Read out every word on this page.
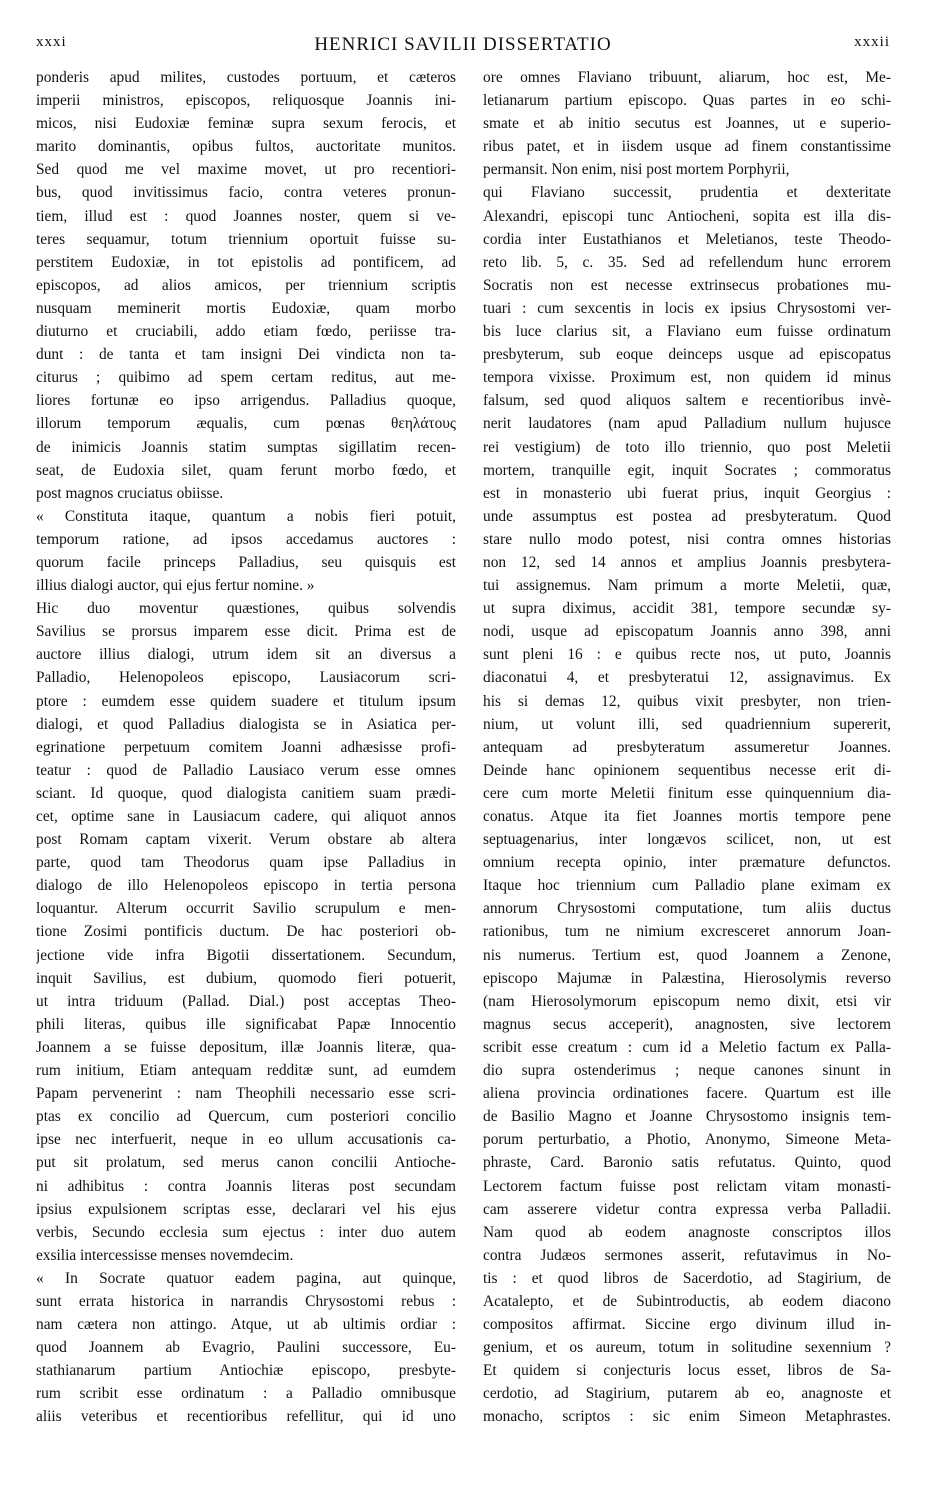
xxxi	HENRICI SAVILII DISSERTATIO	xxxii
ponderis apud milites, custodes portuum, et cæteros
imperii ministros, episcopos, reliquosque Joannis ini-
micos, nisi Eudoxiæ feminæ supra sexum ferocis, et
marito dominantis, opibus fultos, auctoritate munitos.
Sed quod me vel maxime movet, ut pro recentiori-
bus, quod invitissimus facio, contra veteres pronun-
tiem, illud est : quod Joannes noster, quem si ve-
teres sequamur, totum triennium oportuit fuisse su-
perstitem Eudoxiæ, in tot epistolis ad pontificem, ad
episcopos, ad alios amicos, per triennium scriptis
nusquam meminerit mortis Eudoxiæ, quam morbo
diuturno et cruciabili, addo etiam fœdo, periisse tra-
dunt : de tanta et tam insigni Dei vindicta non ta-
citurus ; quibimo ad spem certam reditus, aut me-
liores fortunæ eo ipso arrigendus. Palladius quoque,
illorum temporum æqualis, cum pœnas θεηλάτους
de inimicis Joannis statim sumptas sigillatim recen-
seat, de Eudoxia silet, quam ferunt morbo fœdo, et
post magnos cruciatus obiisse.
« Constituta itaque, quantum a nobis fieri potuit,
temporum ratione, ad ipsos accedamus auctores :
quorum facile princeps Palladius, seu quisquis est
illius dialogi auctor, qui ejus fertur nomine. »
Hic duo moventur quæstiones, quibus solvendis
Savilius se prorsus imparem esse dicit. Prima est de
auctore illius dialogi, utrum idem sit an diversus a
Palladio, Helenopoleos episcopo, Lausiacorum scri-
ptore : eumdem esse quidem suadere et titulum ipsum
dialogi, et quod Palladius dialogista se in Asiatica per-
egrinatione perpetuum comitem Joanni adhæsisse profi-
teatur : quod de Palladio Lausiaco verum esse omnes
sciant. Id quoque, quod dialogista canitiem suam prædi-
cet, optime sane in Lausiacum cadere, qui aliquot annos
post Romam captam vixerit. Verum obstare ab altera
parte, quod tam Theodorus quam ipse Palladius in
dialogo de illo Helenopoleos episcopo in tertia persona
loquantur. Alterum occurrit Savilio scrupulum e men-
tione Zosimi pontificis ductum. De hac posteriori ob-
jectione vide infra Bigotii dissertationem. Secundum,
inquit Savilius, est dubium, quomodo fieri potuerit,
ut intra triduum (Pallad. Dial.) post acceptas Theo-
phili literas, quibus ille significabat Papæ Innocentio
Joannem a se fuisse depositum, illæ Joannis literæ, qua-
rum initium, Etiam antequam redditæ sunt, ad eumdem
Papam pervenerint : nam Theophili necessario esse scri-
ptas ex concilio ad Quercum, cum posteriori concilio
ipse nec interfuerit, neque in eo ullum accusationis ca-
put sit prolatum, sed merus canon concilii Antioche-
ni adhibitus : contra Joannis literas post secundam
ipsius expulsionem scriptas esse, declarari vel his ejus
verbis, Secundo ecclesia sum ejectus : inter duo autem
exsilia intercessisse menses novemdecim.
« In Socrate quatuor eadem pagina, aut quinque,
sunt errata historica in narrandis Chrysostomi rebus :
nam cætera non attingo. Atque, ut ab ultimis ordiar :
quod Joannem ab Evagrio, Paulini successore, Eu-
stathianarum partium Antiochiæ episcopo, presbyte-
rum scribit esse ordinatum : a Palladio omnibusque
aliis veteribus et recentioribus refellitur, qui id uno
ore omnes Flaviano tribuunt, aliarum, hoc est, Me-
letianarum partium episcopo. Quas partes in eo schi-
smate et ab initio secutus est Joannes, ut e superio-
ribus patet, et in iisdem usque ad finem constantissime
permansit. Non enim, nisi post mortem Porphyrii,
qui Flaviano successit, prudentia et dexteritate
Alexandri, episcopi tunc Antiocheni, sopita est illa dis-
cordia inter Eustathianos et Meletianos, teste Theodo-
reto lib. 5, c. 35. Sed ad refellendum hunc errorem
Socratis non est necesse extrinsecus probationes mu-
tuari : cum sexcentis in locis ex ipsius Chrysostomi ver-
bis luce clarius sit, a Flaviano eum fuisse ordinatum
presbyterum, sub eoque deinceps usque ad episcopatus
tempora vixisse. Proximum est, non quidem id minus
falsum, sed quod aliquos saltem e recentioribus invè-
nerit laudatores (nam apud Palladium nullum hujusce
rei vestigium) de toto illo triennio, quo post Meletii
mortem, tranquille egit, inquit Socrates ; commoratus
est in monasterio ubi fuerat prius, inquit Georgius :
unde assumptus est postea ad presbyteratum. Quod
stare nullo modo potest, nisi contra omnes historias
non 12, sed 14 annos et amplius Joannis presbytera-
tui assignemus. Nam primum a morte Meletii, quæ,
ut supra diximus, accidit 381, tempore secundæ sy-
nodi, usque ad episcopatum Joannis anno 398, anni
sunt pleni 16 : e quibus recte nos, ut puto, Joannis
diaconatui 4, et presbyteratui 12, assignavimus. Ex
his si demas 12, quibus vixit presbyter, non trien-
nium, ut volunt illi, sed quadriennium supererit,
antequam ad presbyteratum assumeretur Joannes.
Deinde hanc opinionem sequentibus necesse erit di-
cere cum morte Meletii finitum esse quinquennium dia-
conatus. Atque ita fiet Joannes mortis tempore pene
septuagenarius, inter longævos scilicet, non, ut est
omnium recepta opinio, inter præmature defunctos.
Itaque hoc triennium cum Palladio plane eximam ex
annorum Chrysostomi computatione, tum aliis ductus
rationibus, tum ne nimium excresceret annorum Joan-
nis numerus. Tertium est, quod Joannem a Zenone,
episcopo Majumæ in Palæstina, Hierosolymis reverso
(nam Hierosolymorum episcopum nemo dixit, etsi vir
magnus secus acceperit), anagnosten, sive lectorem
scribit esse creatum : cum id a Meletio factum ex Palla-
dio supra ostenderimus ; neque canones sinunt in
aliena provincia ordinationes facere. Quartum est ille
de Basilio Magno et Joanne Chrysostomo insignis tem-
porum perturbatio, a Photio, Anonymo, Simeone Meta-
phraste, Card. Baronio satis refutatus. Quinto, quod
Lectorem factum fuisse post relictam vitam monasti-
cam asserere videtur contra expressa verba Palladii.
Nam quod ab eodem anagnoste conscriptos illos
contra Judæos sermones asserit, refutavimus in No-
tis : et quod libros de Sacerdotio, ad Stagirium, de
Acatalepto, et de Subintroductis, ab eodem diacono
compositos affirmat. Siccine ergo divinum illud in-
genium, et os aureum, totum in solitudine sexennium ?
Et quidem si conjecturis locus esset, libros de Sa-
cerdotio, ad Stagirium, putarem ab eo, anagnoste et
monacho, scriptos : sic enim Simeon Metaphrastes.
